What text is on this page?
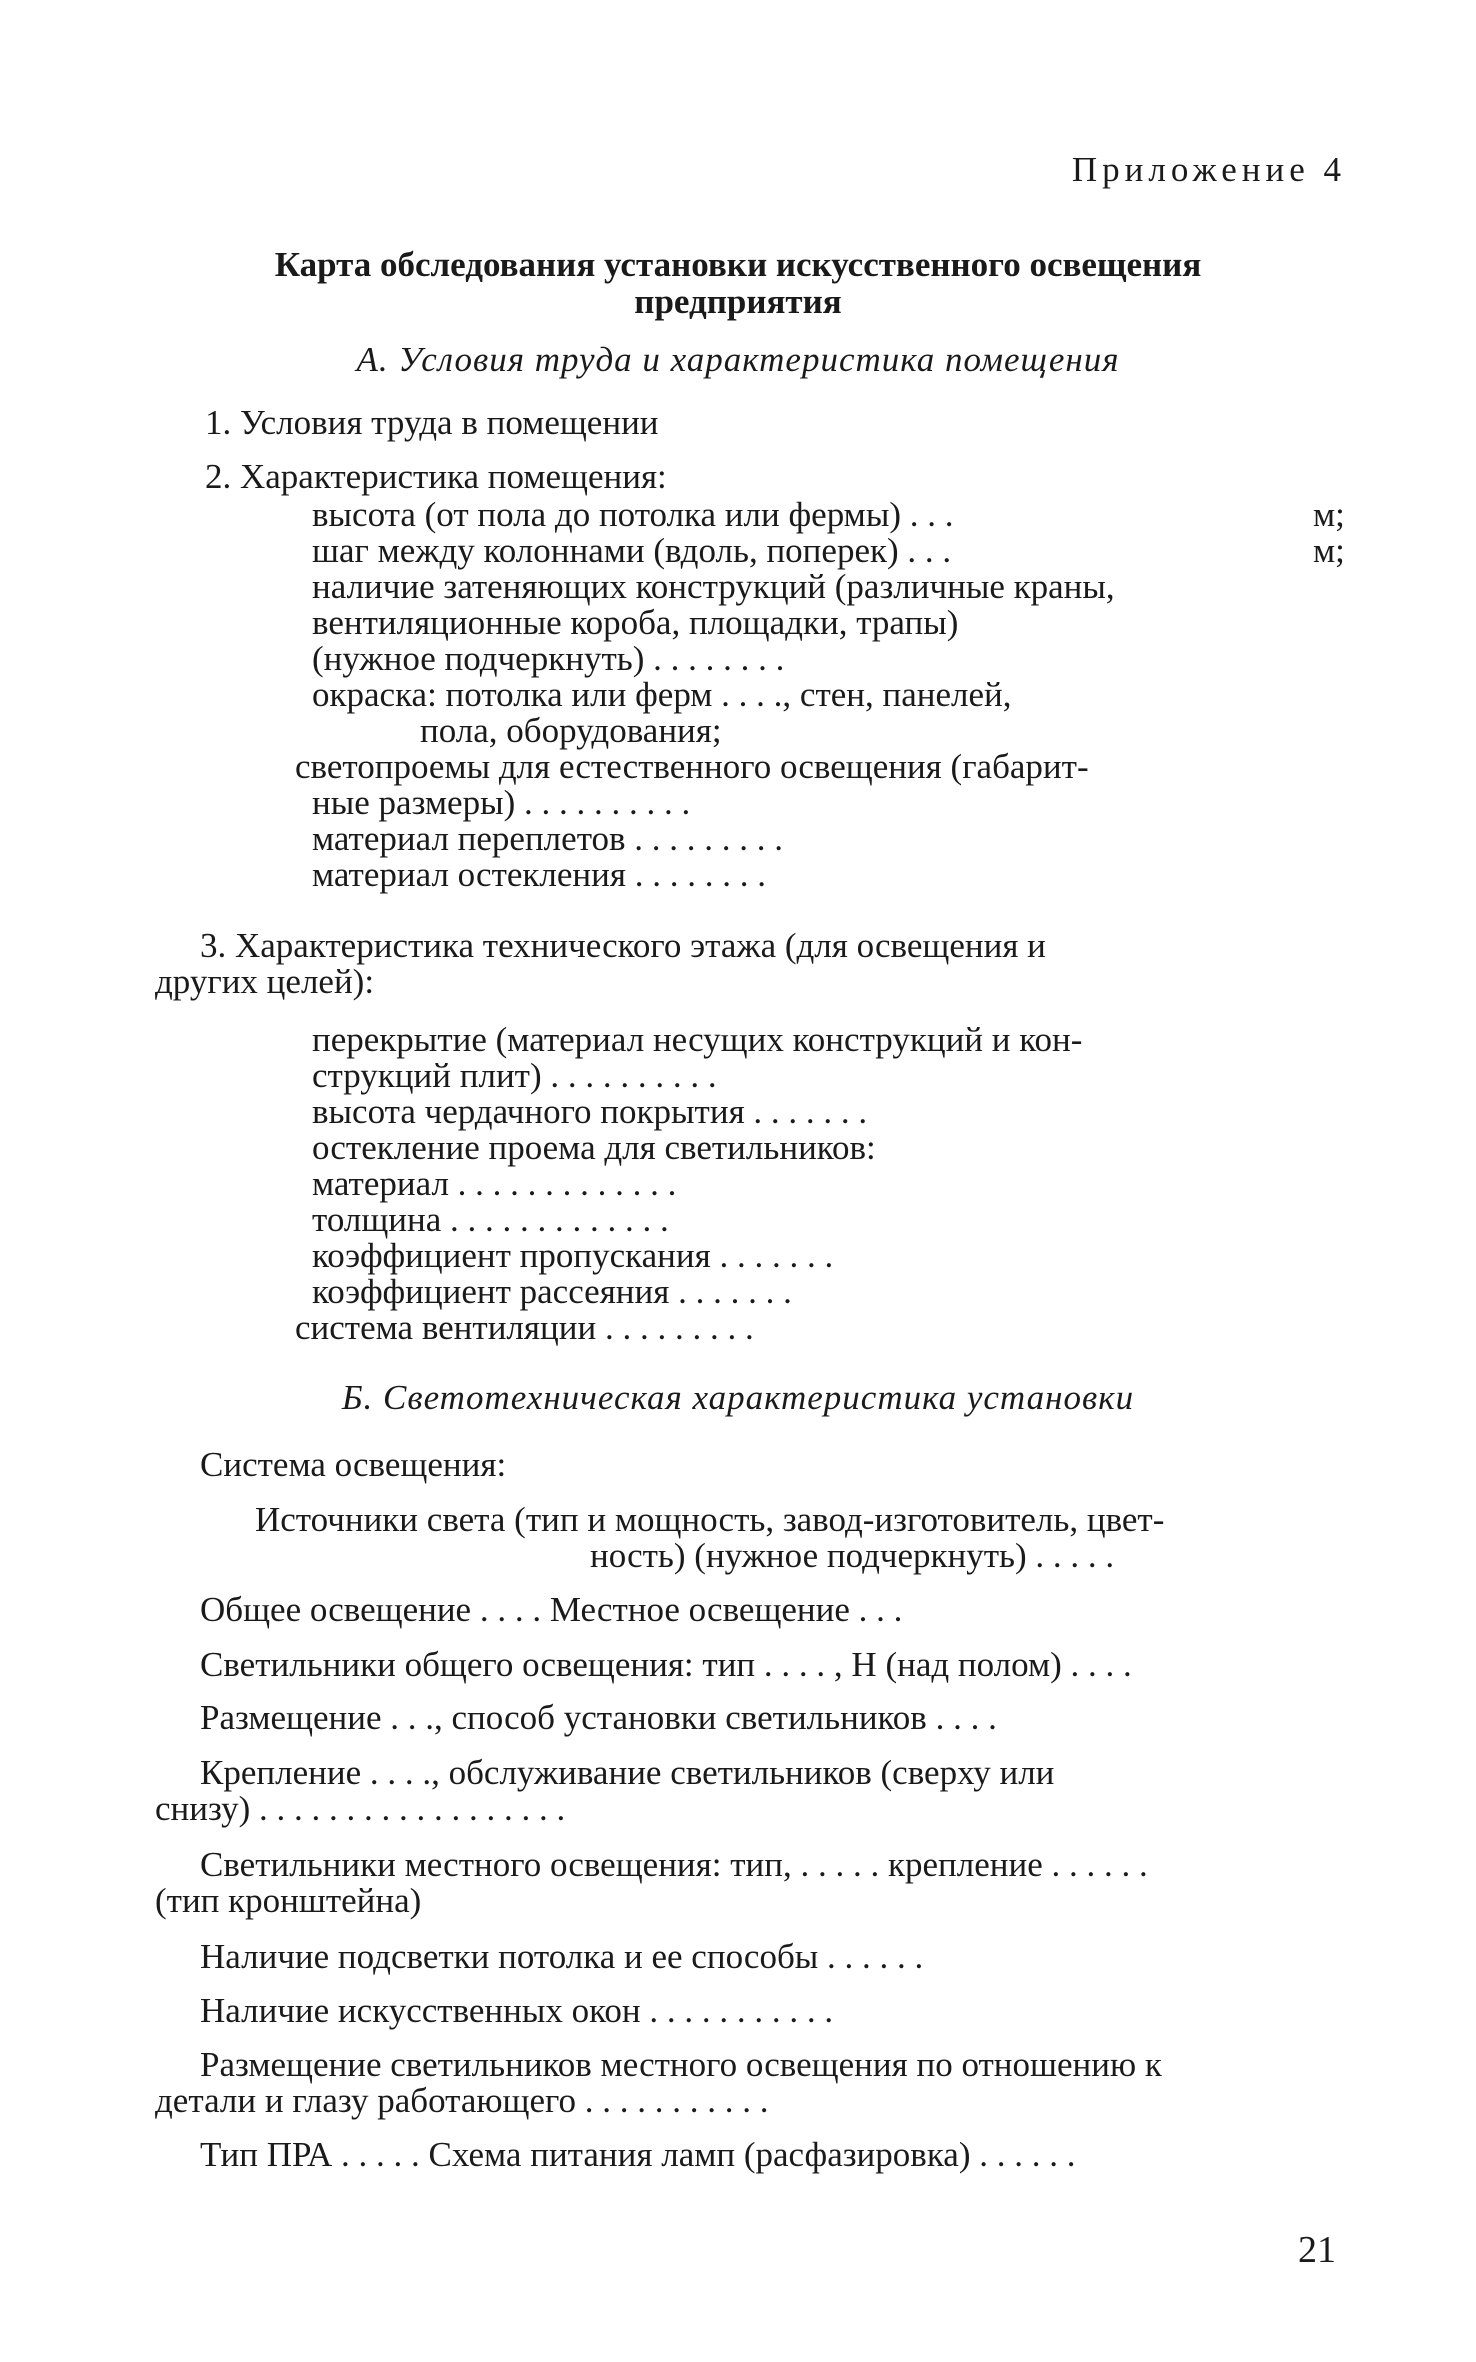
Приложение 4
Карта обследования установки искусственного освещения
предприятия
А. Условия труда и характеристика помещения
1. Условия труда в помещении
2. Характеристика помещения:
высота (от пола до потолка или фермы) . . .	м;
шаг между колоннами (вдоль, поперек) . . .	м;
наличие затеняющих конструкций (различные краны,
вентиляционные короба, площадки, трапы)
(нужное подчеркнуть) . . . . . . . .
окраска: потолка или ферм . . . ., стен, панелей,
пола, оборудования;
светопроемы для естественного освещения (габарит-
ные размеры) . . . . . . . . . .
материал переплетов . . . . . . . . .
материал остекления . . . . . . . .
3. Характеристика технического этажа (для освещения и
других целей):
перекрытие (материал несущих конструкций и кон-
струкций плит) . . . . . . . . . .
высота чердачного покрытия . . . . . . .
остекление проема для светильников:
материал . . . . . . . . . . . . .
толщина . . . . . . . . . . . . .
коэффициент пропускания . . . . . . .
коэффициент рассеяния . . . . . . .
система вентиляции . . . . . . . . .
Б. Светотехническая характеристика установки
Система освещения:
Источники света (тип и мощность, завод-изготовитель, цвет-
ность) (нужное подчеркнуть) . . . . .
Общее освещение . . . . Местное освещение . . .
Светильники общего освещения: тип . . . . , Н (над полом) . . . .
Размещение . . ., способ установки светильников . . . .
Крепление . . . ., обслуживание светильников (сверху или
снизу) . . . . . . . . . . . . . . . . . .
Светильники местного освещения: тип, . . . . . крепление . . . . . .
(тип кронштейна)
Наличие подсветки потолка и ее способы . . . . . .
Наличие искусственных окон . . . . . . . . . . .
Размещение светильников местного освещения по отношению к
детали и глазу работающего . . . . . . . . . . .
Тип ПРА . . . . . Схема питания ламп (расфазировка) . . . . . .
21
